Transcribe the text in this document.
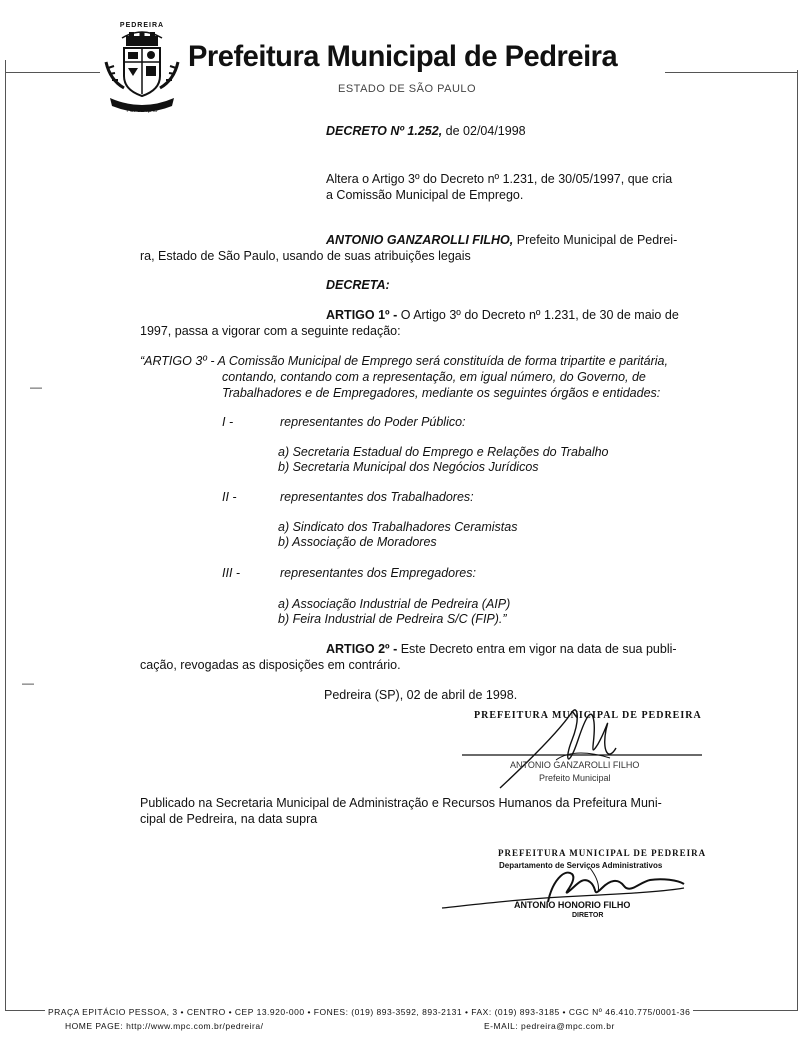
PEDREIRA
POPULAÇÃO
Prefeitura Municipal de Pedreira
ESTADO DE SÃO PAULO
DECRETO Nº 1.252, de 02/04/1998
Altera o Artigo 3º do Decreto nº 1.231, de 30/05/1997, que cria
a Comissão Municipal de Emprego.
ANTONIO GANZAROLLI FILHO, Prefeito Municipal de Pedrei-
ra, Estado de São Paulo, usando de suas atribuições legais
DECRETA:
ARTIGO 1º - O Artigo 3º do Decreto nº 1.231, de 30 de maio de
1997, passa a vigorar com a seguinte redação:
“ARTIGO 3º - A Comissão Municipal de Emprego será constituída de forma tripartite e paritária,
contando, contando com a representação, em igual número, do Governo, de
Trabalhadores e de Empregadores, mediante os seguintes órgãos e entidades:
I -	representantes do Poder Público:
a) Secretaria Estadual do Emprego e Relações do Trabalho
b) Secretaria Municipal dos Negócios Jurídicos
II -	representantes dos Trabalhadores:
a) Sindicato dos Trabalhadores Ceramistas
b) Associação de Moradores
III -	representantes dos Empregadores:
a) Associação Industrial de Pedreira (AIP)
b) Feira Industrial de Pedreira S/C (FIP).”
ARTIGO 2º - Este Decreto entra em vigor na data de sua publi-
cação, revogadas as disposições em contrário.
Pedreira (SP), 02 de abril de 1998.
PREFEITURA MUNICIPAL DE PEDREIRA
ANTONIO GANZAROLLI FILHO
Prefeito Municipal
Publicado na Secretaria Municipal de Administração e Recursos Humanos da Prefeitura Muni-
cipal de Pedreira, na data supra
PREFEITURA MUNICIPAL DE PEDREIRA
Departamento de Serviços Administrativos
ANTONIO HONORIO FILHO
DIRETOR
—
—
PRAÇA EPITÁCIO PESSOA, 3 • CENTRO • CEP 13.920-000 • FONES: (019) 893-3592, 893-2131 • FAX: (019) 893-3185 • CGC Nº 46.410.775/0001-36
HOME PAGE: http://www.mpc.com.br/pedreira/	E-MAIL: pedreira@mpc.com.br
